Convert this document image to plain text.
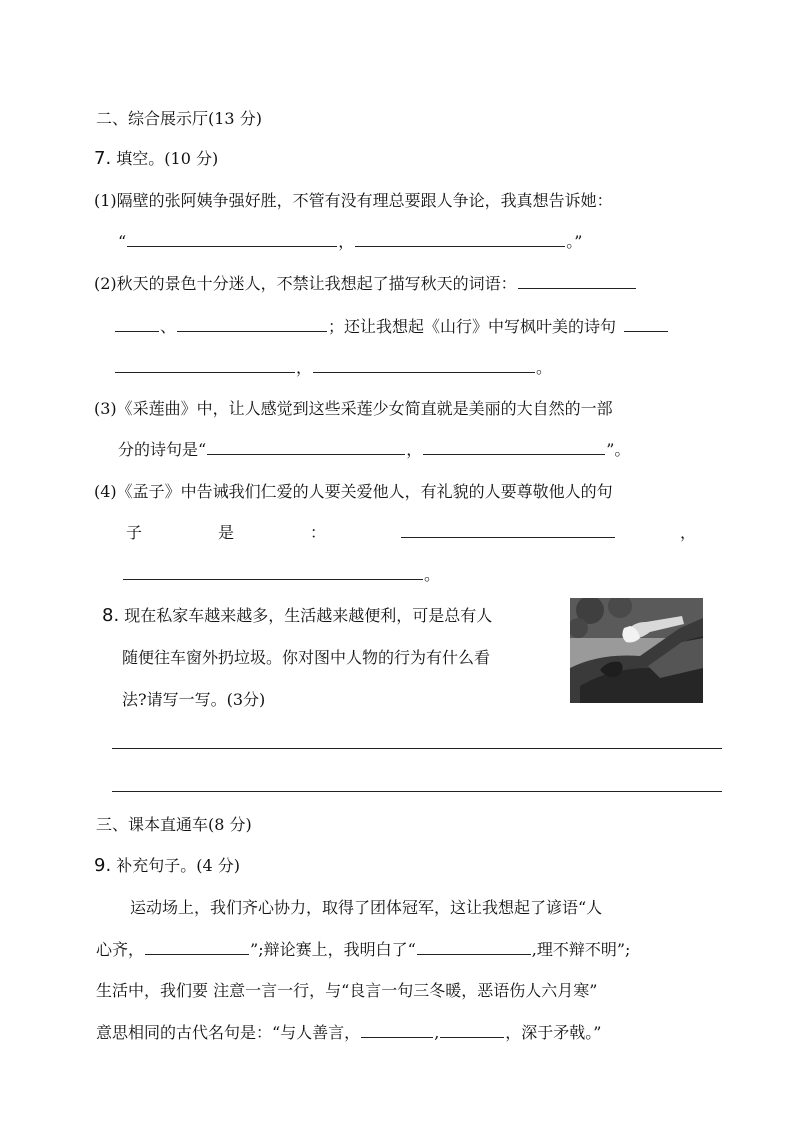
二、综合展示厅(13 分)
7. 填空。(10 分)
(1)隔壁的张阿姨争强好胜，不管有没有理总要跟人争论，我真想告诉她：
“	，	。”
(2)秋天的景色十分迷人，不禁让我想起了描写秋天的词语：
、	；还让我想起《山行》中写枫叶美的诗句
，	。
(3)《采莲曲》中，让人感觉到这些采莲少女简直就是美丽的大自然的一部
分的诗句是“	，	”。
(4)《孟子》中告诫我们仁爱的人要关爱他人，有礼貌的人要尊敬他人的句
子	是	：	，
。
8. 现在私家车越来越多，生活越来越便利，可是总有人
随便往车窗外扔垃圾。你对图中人物的行为有什么看
法?请写一写。(3分)
三、课本直通车(8 分)
9. 补充句子。(4 分)
运动场上，我们齐心协力，取得了团体冠军，这让我想起了谚语“人
心齐，	”;辩论赛上，我明白了“	,理不辩不明”;
生活中，我们要 注意一言一行，与“良言一句三冬暖，恶语伤人六月寒”
意思相同的古代名句是：“与人善言，	,	，深于矛戟。”
